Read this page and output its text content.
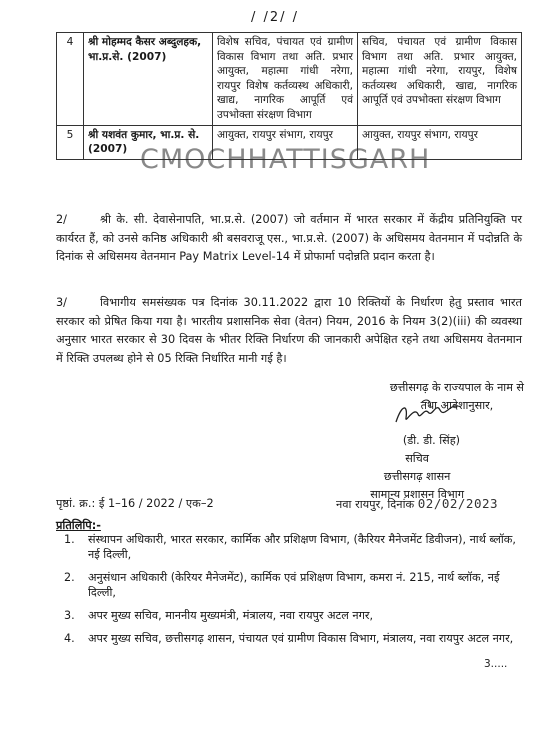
/ /2/ /
4	श्री मोहम्मद कैसर अब्दुलहक, भा.प्र.से. (2007)	विशेष सचिव, पंचायत एवं ग्रामीण विकास विभाग तथा अति. प्रभार आयुक्त, महात्मा गांधी नरेगा, रायपुर विशेष कर्तव्यस्थ अधिकारी, खाद्य, नागरिक आपूर्ति एवं उपभोक्ता संरक्षण विभाग	सचिव, पंचायत एवं ग्रामीण विकास विभाग तथा अति. प्रभार आयुक्त, महात्मा गांधी नरेगा, रायपुर, विशेष कर्तव्यस्थ अधिकारी, खाद्य, नागरिक आपूर्ति एवं उपभोक्ता संरक्षण विभाग
5	श्री यशवंत कुमार, भा.प्र. से. (2007)	आयुक्त, रायपुर संभाग, रायपुर	आयुक्त, रायपुर संभाग, रायपुर
CMOCHHATTISGARH
2/	श्री के. सी. देवासेनापति, भा.प्र.से. (2007) जो वर्तमान में भारत सरकार में केंद्रीय प्रतिनियुक्ति पर कार्यरत हैं, को उनसे कनिष्ठ अधिकारी श्री बसवराजू एस., भा.प्र.से. (2007) के अधिसमय वेतनमान में पदोन्नति के दिनांक से अधिसमय वेतनमान Pay Matrix Level-14 में प्रोफार्मा पदोन्नति प्रदान करता है।
3/	विभागीय समसंख्यक पत्र दिनांक 30.11.2022 द्वारा 10 रिक्तियों के निर्धारण हेतु प्रस्ताव भारत सरकार को प्रेषित किया गया है। भारतीय प्रशासनिक सेवा (वेतन) नियम, 2016 के नियम 3(2)(iii) की व्यवस्था अनुसार भारत सरकार से 30 दिवस के भीतर रिक्ति निर्धारण की जानकारी अपेक्षित रहने तथा अधिसमय वेतनमान में रिक्ति उपलब्ध होने से 05 रिक्ति निर्धारित मानी गई है।
छत्तीसगढ़ के राज्यपाल के नाम से
तथा आदेशानुसार,
(डी. डी. सिंह)
सचिव
छत्तीसगढ़ शासन
सामान्य प्रशासन विभाग
पृष्ठां. क्र.: ई 1–16 / 2022 / एक–2	नवा रायपुर, दिनांक 02/02/2023
प्रतिलिपि:-
1. संस्थापन अधिकारी, भारत सरकार, कार्मिक और प्रशिक्षण विभाग, (कैरियर मैनेजमेंट डिवीजन), नार्थ ब्लॉक, नई दिल्ली,
2. अनुसंधान अधिकारी (केरियर मैनेजमेंट), कार्मिक एवं प्रशिक्षण विभाग, कमरा नं. 215, नार्थ ब्लॉक, नई दिल्ली,
3. अपर मुख्य सचिव, माननीय मुख्यमंत्री, मंत्रालय, नवा रायपुर अटल नगर,
4. अपर मुख्य सचिव, छत्तीसगढ़ शासन, पंचायत एवं ग्रामीण विकास विभाग, मंत्रालय, नवा रायपुर अटल नगर,
3.....
